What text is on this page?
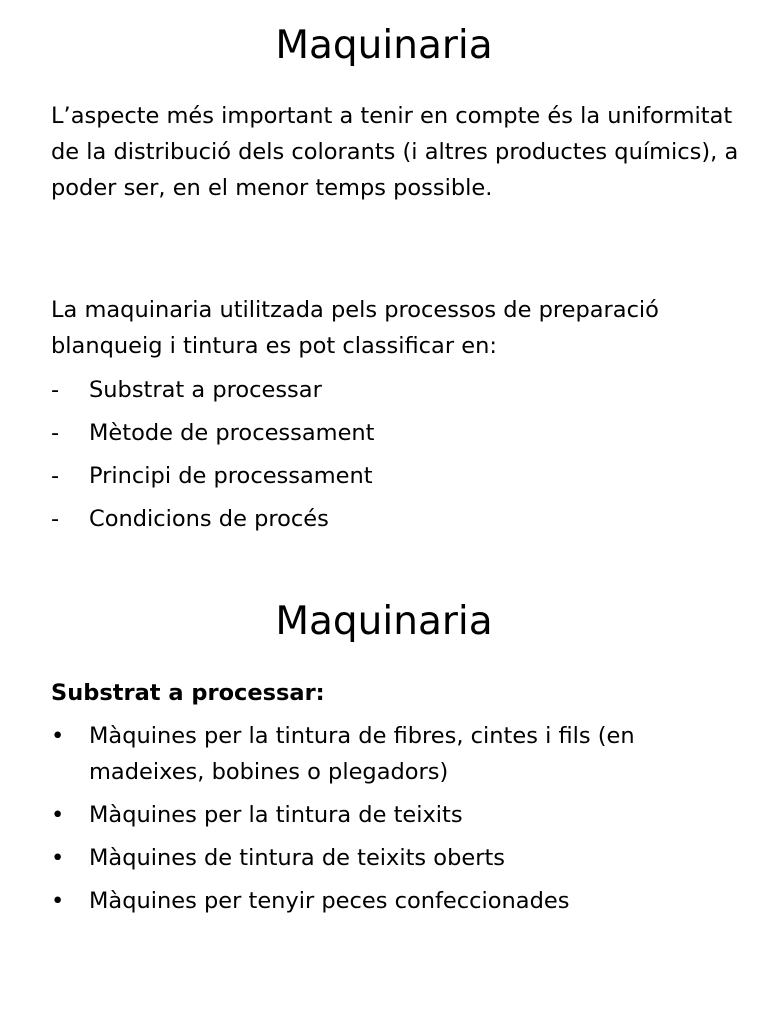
Maquinaria

L’aspecte més important a tenir en compte és la uniformitat de la distribució dels colorants (i altres productes químics), a poder ser, en el menor temps possible.

La maquinaria utilitzada pels processos de preparació blanqueig i tintura es pot classificar en:

- Substrat a processar
- Mètode de processament
- Principi de processament
- Condicions de procés
Maquinaria

Substrat a processar:

• Màquines per la tintura de fibres, cintes i fils (en madeixes, bobines o plegadors)
• Màquines per la tintura de teixits
• Màquines de tintura de teixits oberts
• Màquines per tenyir peces confeccionades
